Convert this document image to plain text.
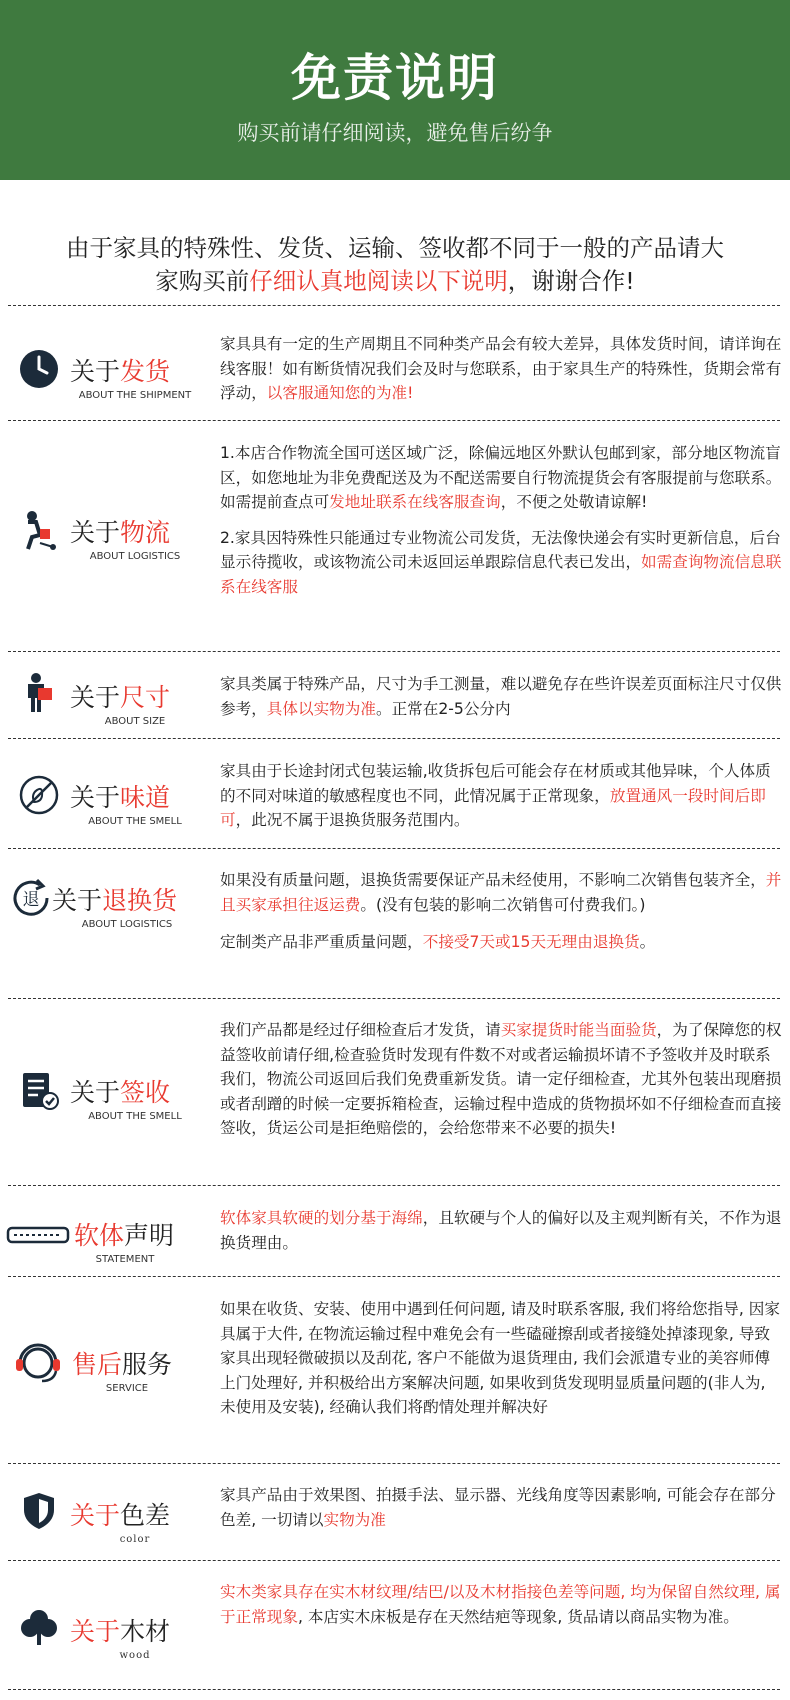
免责说明
购买前请仔细阅读，避免售后纷争
由于家具的特殊性、发货、运输、签收都不同于一般的产品请大
家购买前仔细认真地阅读以下说明，谢谢合作!
关于发货
ABOUT THE SHIPMENT

家具具有一定的生产周期且不同种类产品会有较大差异，具体发货时间，请详询在线客服！如有断货情况我们会及时与您联系，由于家具生产的特殊性，货期会常有浮动，以客服通知您的为准!

关于物流
ABOUT LOGISTICS

1.本店合作物流全国可送区域广泛，除偏远地区外默认包邮到家，部分地区物流盲区，如您地址为非免费配送及为不配送需要自行物流提货会有客服提前与您联系。如需提前查点可发地址联系在线客服查询，不便之处敬请谅解!

2.家具因特殊性只能通过专业物流公司发货，无法像快递会有实时更新信息，后台显示待揽收，或该物流公司未返回运单跟踪信息代表已发出，如需查询物流信息联系在线客服

关于尺寸
ABOUT SIZE

家具类属于特殊产品，尺寸为手工测量，难以避免存在些许误差页面标注尺寸仅供参考，具体以实物为准。正常在2-5公分内

关于味道
ABOUT THE SMELL

家具由于长途封闭式包装运输,收货拆包后可能会存在材质或其他异味，个人体质的不同对味道的敏感程度也不同，此情况属于正常现象，放置通风一段时间后即可，此况不属于退换货服务范围内。

退 关于退换货
ABOUT LOGISTICS

如果没有质量问题，退换货需要保证产品未经使用，不影响二次销售包装齐全，并且买家承担往返运费。(没有包装的影响二次销售可付费我们。)

定制类产品非严重质量问题，不接受7天或15天无理由退换货。

关于签收
ABOUT THE SMELL

我们产品都是经过仔细检查后才发货，请买家提货时能当面验货，为了保障您的权益签收前请仔细,检查验货时发现有件数不对或者运输损坏请不予签收并及时联系我们，物流公司返回后我们免费重新发货。请一定仔细检查，尤其外包装出现磨损或者刮蹭的时候一定要拆箱检查，运输过程中造成的货物损坏如不仔细检查而直接签收，货运公司是拒绝赔偿的，会给您带来不必要的损失!

软体声明
STATEMENT

软体家具软硬的划分基于海绵，且软硬与个人的偏好以及主观判断有关，不作为退换货理由。

售后服务
SERVICE

如果在收货、安装、使用中遇到任何问题, 请及时联系客服, 我们将给您指导, 因家具属于大件, 在物流运输过程中难免会有一些磕碰擦刮或者接缝处掉漆现象, 导致家具出现轻微破损以及刮花, 客户不能做为退货理由, 我们会派遣专业的美容师傅上门处理好, 并积极给出方案解决问题, 如果收到货发现明显质量问题的(非人为, 未使用及安装), 经确认我们将酌情处理并解决好

关于色差
color

家具产品由于效果图、拍摄手法、显示器、光线角度等因素影响, 可能会存在部分色差, 一切请以实物为准

关于木材
wood

实木类家具存在实木材纹理/结巴/以及木材指接色差等问题, 均为保留自然纹理, 属于正常现象, 本店实木床板是存在天然结疤等现象, 货品请以商品实物为准。
